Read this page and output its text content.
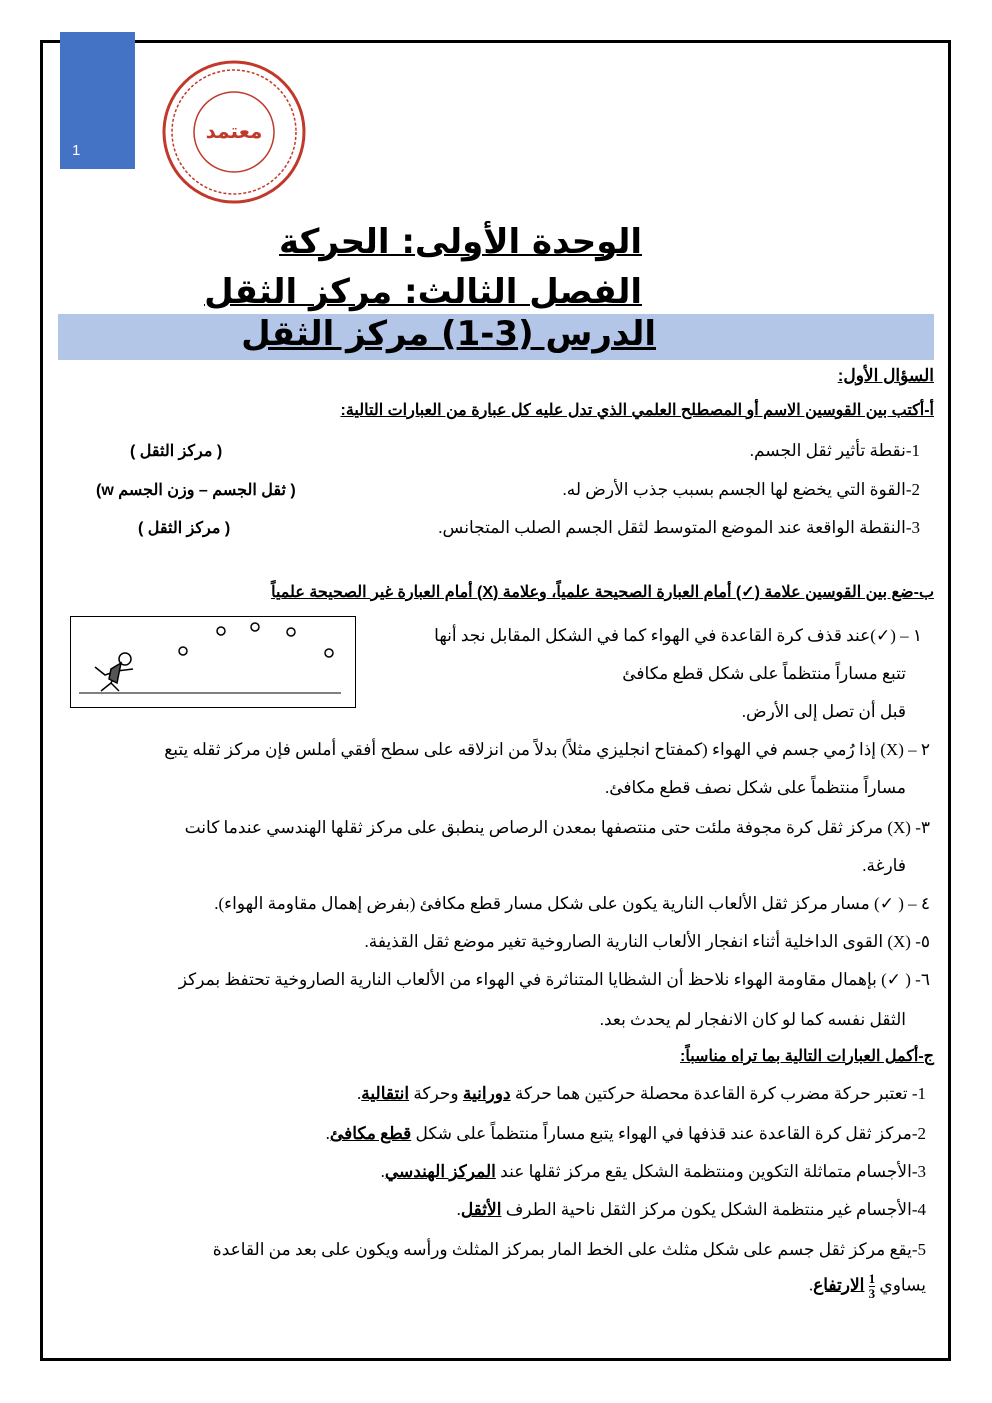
1
معتمد
الوحدة الأولى: الحركة
الفصل الثالث: مركز الثقل
الدرس (3-1) مركز الثقل
السؤال الأول:
أ-أكتب بين القوسين الاسم أو المصطلح العلمي الذي تدل عليه كل عبارة من العبارات التالية:
1-نقطة تأثير ثقل الجسم.
( مركز الثقل )
2-القوة التي يخضع لها الجسم بسبب جذب الأرض له.
( ثقل الجسم – وزن الجسم w)
3-النقطة الواقعة عند الموضع المتوسط لثقل الجسم الصلب المتجانس.
( مركز الثقل )
ب-ضع بين القوسين علامة (✓) أمام العبارة الصحيحة علمياً، وعلامة (X) أمام العبارة غير الصحيحة علمياً
١ – (✓)عند قذف كرة القاعدة في الهواء كما في الشكل المقابل نجد أنها
تتبع مساراً منتظماً على شكل قطع مكافئ
قبل أن تصل إلى الأرض.
٢ – (X) إذا رُمي جسم في الهواء (كمفتاح انجليزي مثلاً) بدلاً من انزلاقه على سطح أفقي أملس فإن مركز ثقله يتبع
مساراً منتظماً على شكل نصف قطع مكافئ.
٣- (X) مركز ثقل كرة مجوفة ملئت حتى منتصفها بمعدن الرصاص ينطبق على مركز ثقلها الهندسي عندما كانت
فارغة.
٤ – ( ✓) مسار مركز ثقل الألعاب النارية يكون على شكل مسار قطع مكافئ (بفرض إهمال مقاومة الهواء).
٥- (X) القوى الداخلية أثناء انفجار الألعاب النارية الصاروخية تغير موضع ثقل القذيفة.
٦- ( ✓) بإهمال مقاومة الهواء نلاحظ أن الشظايا المتناثرة في الهواء من الألعاب النارية الصاروخية تحتفظ بمركز
الثقل نفسه كما لو كان الانفجار لم يحدث بعد.
ج-أكمل العبارات التالية بما تراه مناسباً:
1- تعتبر حركة مضرب كرة القاعدة محصلة حركتين هما حركة دورانية وحركة انتقالية.
2-مركز ثقل كرة القاعدة عند قذفها في الهواء يتبع مساراً منتظماً على شكل قطع مكافئ.
3-الأجسام متماثلة التكوين ومنتظمة الشكل يقع مركز ثقلها عند المركز الهندسي.
4-الأجسام غير منتظمة الشكل يكون مركز الثقل ناحية الطرف الأثقل.
5-يقع مركز ثقل جسم على شكل مثلث على الخط المار بمركز المثلث ورأسه ويكون على بعد من القاعدة
يساوي
$\frac{1}{3}$
الارتفاع.
